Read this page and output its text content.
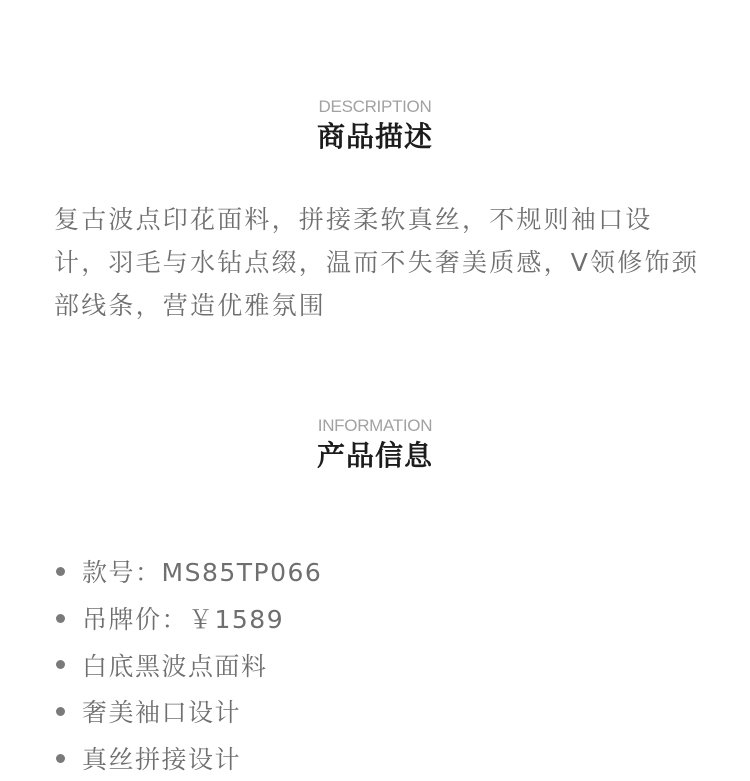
DESCRIPTION
商品描述

复古波点印花面料，拼接柔软真丝，不规则袖口设计，羽毛与水钻点缀，温而不失奢美质感，V领修饰颈部线条，营造优雅氛围

INFORMATION
产品信息
款号：MS85TP066
吊牌价：￥1589
白底黑波点面料
奢美袖口设计
真丝拼接设计
